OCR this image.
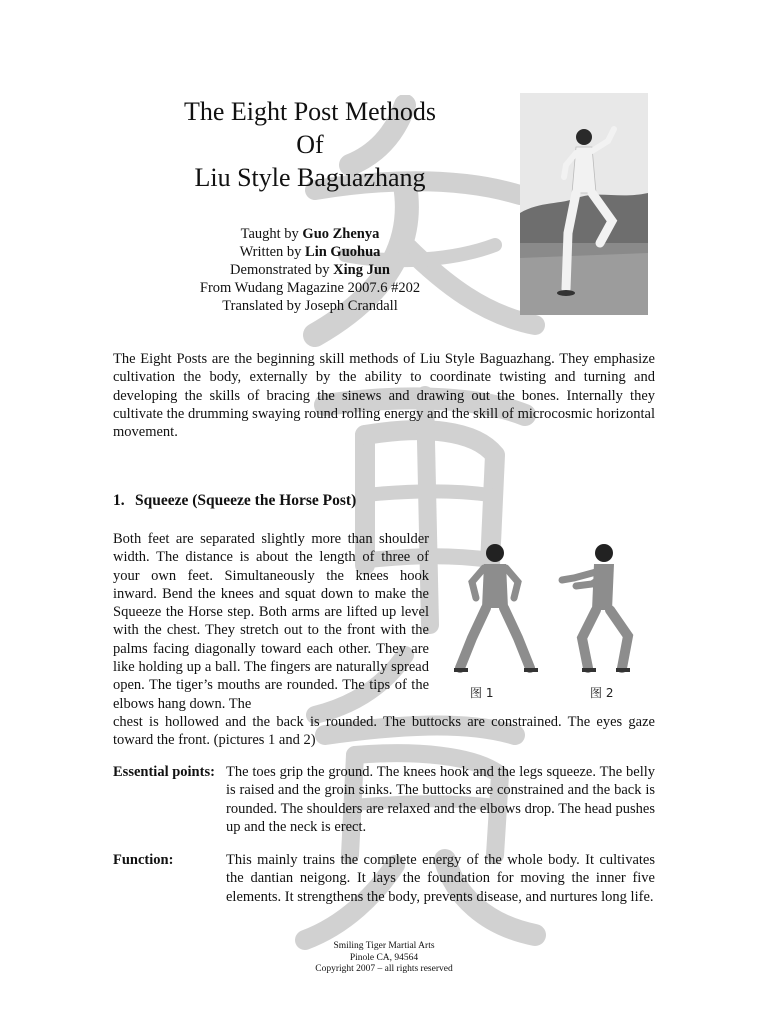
The Eight Post Methods
Of
Liu Style Baguazhang
Taught by Guo Zhenya
Written by Lin Guohua
Demonstrated by Xing Jun
From Wudang Magazine 2007.6 #202
Translated by Joseph Crandall

The Eight Posts are the beginning skill methods of Liu Style Baguazhang. They emphasize cultivation the body, externally by the ability to coordinate twisting and turning and developing the skills of bracing the sinews and drawing out the bones. Internally they cultivate the drumming swaying round rolling energy and the skill of microcosmic horizontal movement.

1. Squeeze (Squeeze the Horse Post)

Both feet are separated slightly more than shoulder width. The distance is about the length of three of your own feet. Simultaneously the knees hook inward. Bend the knees and squat down to make the Squeeze the Horse step. Both arms are lifted up level with the chest. They stretch out to the front with the palms facing diagonally toward each other. They are like holding up a ball. The fingers are naturally spread open. The tiger’s mouths are rounded. The tips of the elbows hang down. The

chest is hollowed and the back is rounded. The buttocks are constrained. The eyes gaze toward the front. (pictures 1 and 2)

图 1	图 2
Essential points: The toes grip the ground. The knees hook and the legs squeeze. The belly is raised and the groin sinks. The buttocks are constrained and the back is rounded. The shoulders are relaxed and the elbows drop. The head pushes up and the neck is erect.

Function:	This mainly trains the complete energy of the whole body. It cultivates the dantian neigong. It lays the foundation for moving the inner five elements. It strengthens the body, prevents disease, and nurtures long life.

Smiling Tiger Martial Arts
Pinole CA, 94564
Copyright 2007 – all rights reserved
